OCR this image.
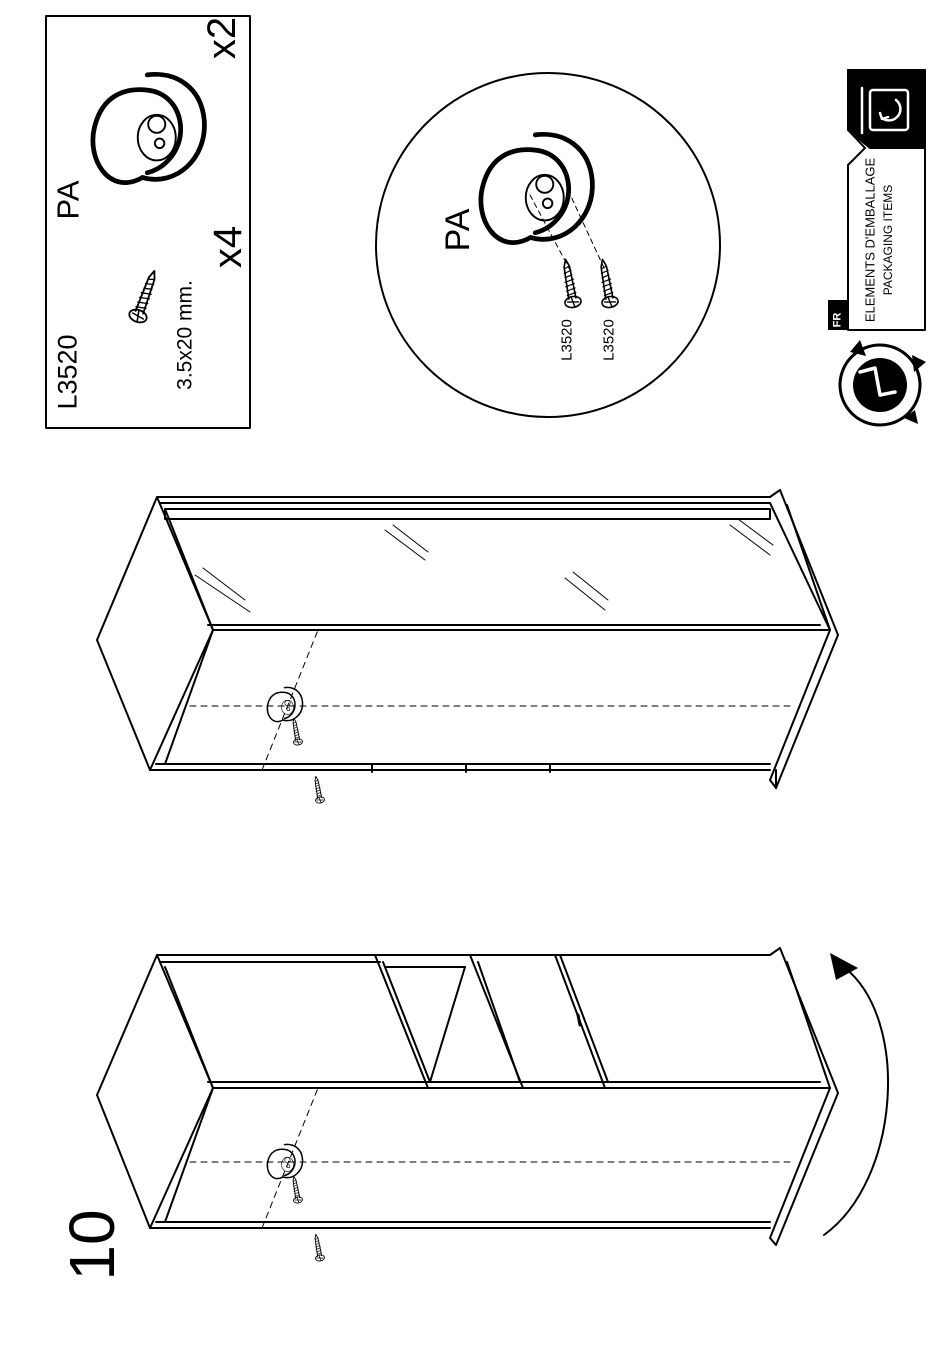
10
L3520	3.5x20 mm.
x4
PA
x2
PA
L3520 L3520	FR ELEMENTS D'EMBALLAGE PACKAGING ITEMS
